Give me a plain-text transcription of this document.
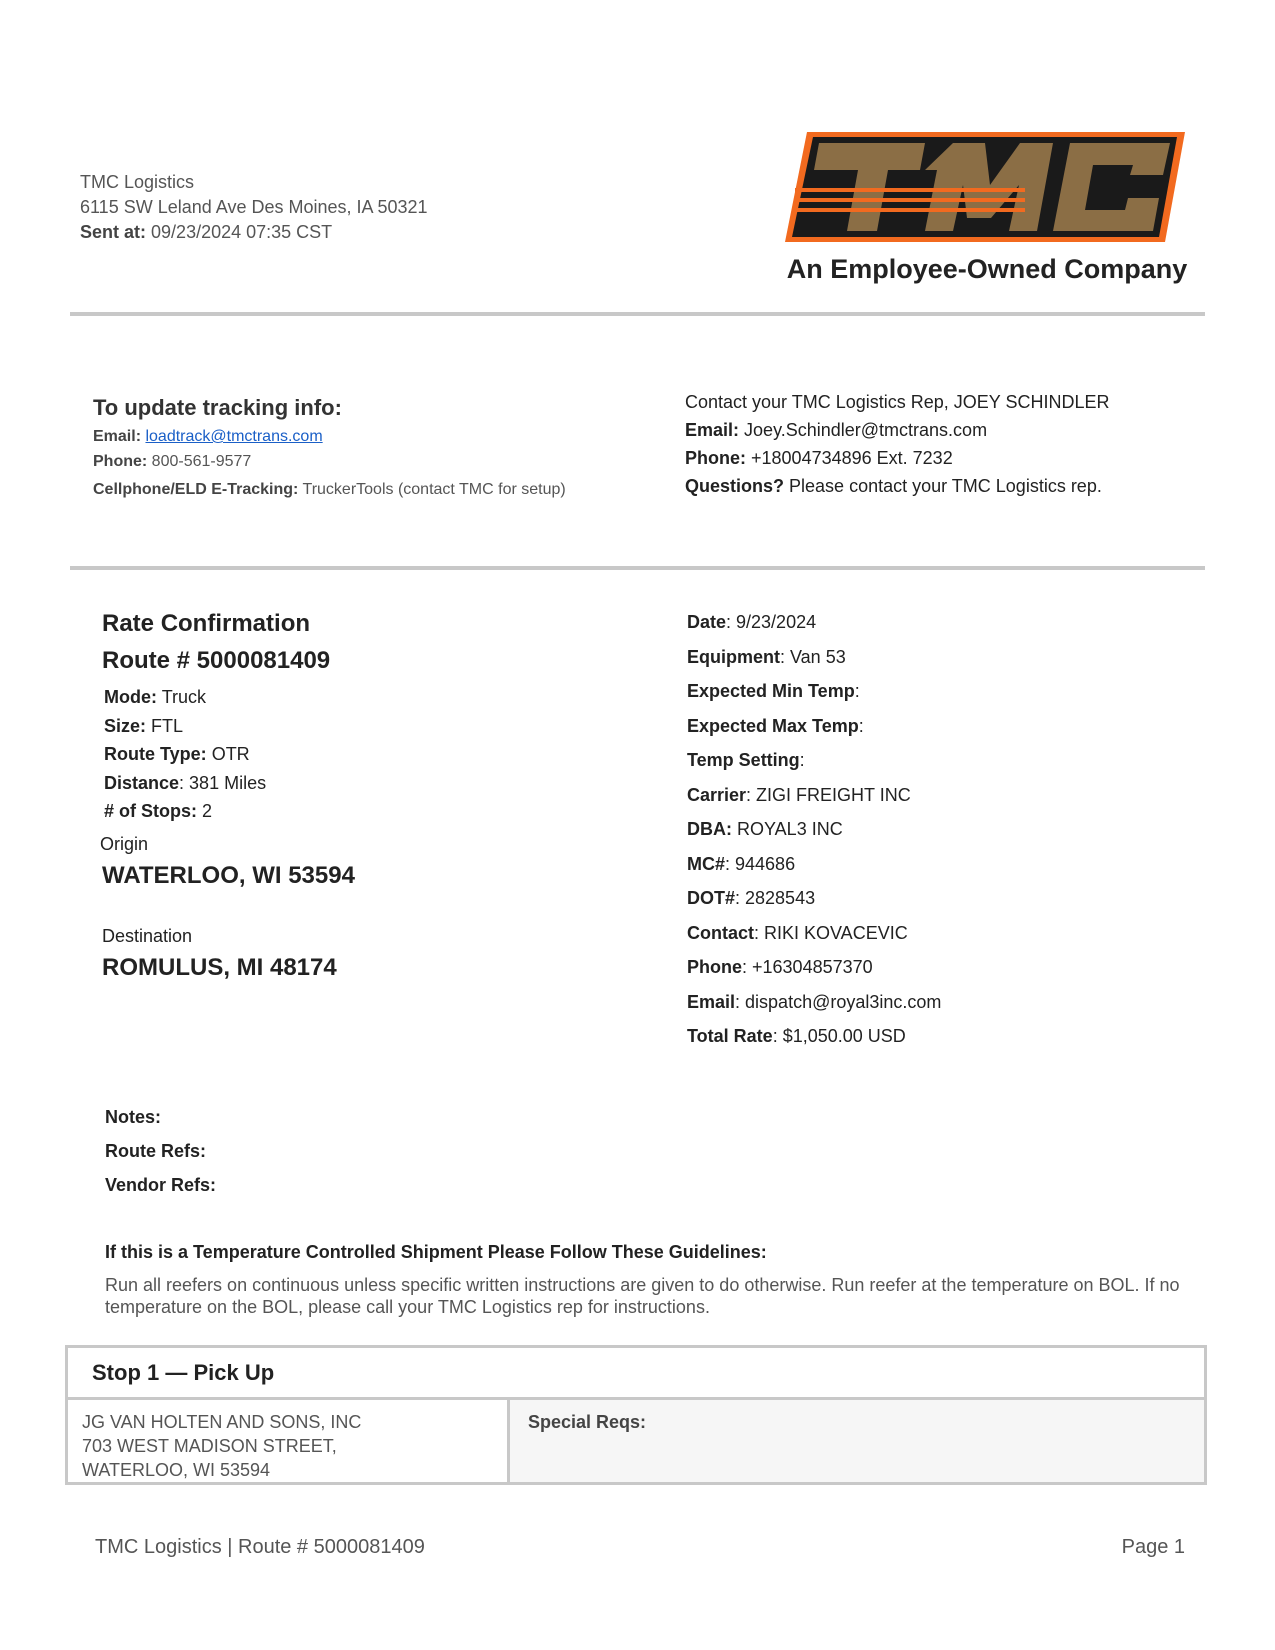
TMC Logistics
6115 SW Leland Ave Des Moines, IA 50321
Sent at: 09/23/2024 07:35 CST
An Employee-Owned Company
To update tracking info:
Email: loadtrack@tmctrans.com
Phone: 800-561-9577
Cellphone/ELD E-Tracking: TruckerTools (contact TMC for setup)
Contact your TMC Logistics Rep, JOEY SCHINDLER
Email: Joey.Schindler@tmctrans.com
Phone: +18004734896 Ext. 7232
Questions? Please contact your TMC Logistics rep.
Rate Confirmation
Route # 5000081409
Mode: Truck
Size: FTL
Route Type: OTR
Distance: 381 Miles
# of Stops: 2
Origin
WATERLOO, WI 53594
Destination
ROMULUS, MI 48174
Date: 9/23/2024
Equipment: Van 53
Expected Min Temp:
Expected Max Temp:
Temp Setting:
Carrier: ZIGI FREIGHT INC
DBA: ROYAL3 INC
MC#: 944686
DOT#: 2828543
Contact: RIKI KOVACEVIC
Phone: +16304857370
Email: dispatch@royal3inc.com
Total Rate: $1,050.00 USD
Notes:
Route Refs:
Vendor Refs:
If this is a Temperature Controlled Shipment Please Follow These Guidelines:
Run all reefers on continuous unless specific written instructions are given to do otherwise. Run reefer at the temperature on BOL. If no temperature on the BOL, please call your TMC Logistics rep for instructions.
Stop 1 — Pick Up
JG VAN HOLTEN AND SONS, INC
703 WEST MADISON STREET,
WATERLOO, WI 53594
Special Reqs:
TMC Logistics | Route # 5000081409	Page 1
